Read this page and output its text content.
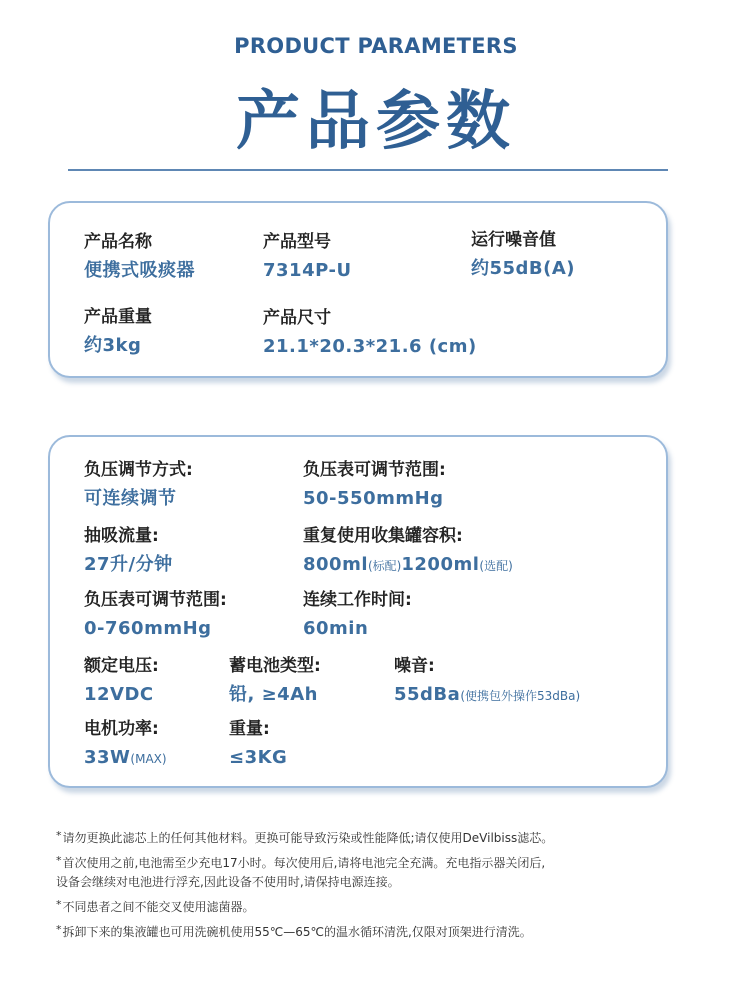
PRODUCT PARAMETERS
产品参数
产品名称
便携式吸痰器
产品型号
7314P-U
运行噪音值
约55dB(A)
产品重量
约3kg
产品尺寸
21.1*20.3*21.6 (cm)
负压调节方式:
可连续调节
负压表可调节范围:
50-550mmHg
抽吸流量:
27升/分钟
重复使用收集罐容积:
800ml(标配)1200ml(选配)
负压表可调节范围:
0-760mmHg
连续工作时间:
60min
额定电压:
12VDC
蓄电池类型:
铅, ≥4Ah
噪音:
55dBa(便携包外操作53dBa)
电机功率:
33W(MAX)
重量:
≤3KG
*请勿更换此滤芯上的任何其他材料。更换可能导致污染或性能降低;请仅使用DeVilbiss滤芯。
*首次使用之前,电池需至少充电17小时。每次使用后,请将电池完全充满。充电指示器关闭后,
设备会继续对电池进行浮充,因此设备不使用时,请保持电源连接。
*不同患者之间不能交叉使用滤菌器。
*拆卸下来的集液罐也可用洗碗机使用55℃—65℃的温水循环清洗,仅限对顶架进行清洗。
